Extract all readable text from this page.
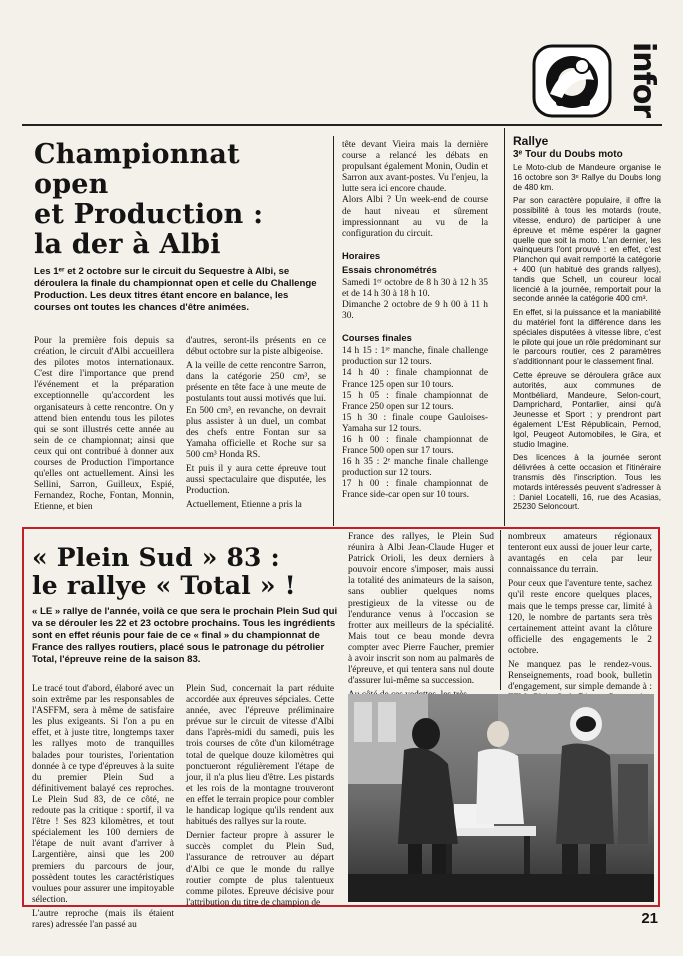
infor
Championnat
open
et Production :
la der à Albi

Les 1ᵉʳ et 2 octobre sur le circuit du Sequestre à Albi, se déroulera la finale du championnat open et celle du Challenge Production. Les deux titres étant encore en balance, les courses ont toutes les chances d'être animées.

Pour la première fois depuis sa création, le circuit d'Albi accueillera des pilotes motos internationaux. C'est dire l'importance que prend l'événement et la préparation exceptionnelle qu'accordent les organisateurs à cette rencontre. On y attend bien entendu tous les pilotes qui se sont illustrés cette année au sein de ce championnat; ainsi que ceux qui ont contribué à donner aux courses de Production l'importance qu'elles ont actuellement. Ainsi les Sellini, Sarron, Guilleux, Espié, Fernandez, Roche, Fontan, Monnin, Etienne, et bien

d'autres, seront-ils présents en ce début octobre sur la piste albigeoise.

A la veille de cette rencontre Sarron, dans la catégorie 250 cm³, se présente en tête face à une meute de postulants tout aussi motivés que lui. En 500 cm³, en revanche, on devrait plus assister à un duel, un combat des chefs entre Fontan sur sa Yamaha officielle et Roche sur sa 500 cm³ Honda RS.

Et puis il y aura cette épreuve tout aussi spectaculaire que disputée, les Production.

Actuellement, Etienne a pris la

tête devant Vieira mais la dernière course a relancé les débats en propulsant également Monin, Oudin et Sarron aux avant-postes. Vu l'enjeu, la lutte sera ici encore chaude.
Alors Albi ? Un week-end de course de haut niveau et sûrement impressionnant au vu de la configuration du circuit.

Horaires

Essais chronométrés

Samedi 1ᵉʳ octobre de 8 h 30 à 12 h 35 et de 14 h 30 à 18 h 10.
Dimanche 2 octobre de 9 h 00 à 11 h 30.

Courses finales

14 h 15 : 1ʳᵉ manche, finale challenge production sur 12 tours.

14 h 40 : finale championnat de France 125 open sur 10 tours.

15 h 05 : finale championnat de France 250 open sur 12 tours.

15 h 30 : finale coupe Gauloises-Yamaha sur 12 tours.

16 h 00 : finale championnat de France 500 open sur 17 tours.

16 h 35 : 2ᵉ manche finale challenge production sur 12 tours.

17 h 00 : finale championnat de France side-car open sur 10 tours.

Rallye
3ᵉ Tour du Doubs moto

Le Moto-club de Mandeure organise le 16 octobre son 3ᵉ Rallye du Doubs long de 480 km.

Par son caractère populaire, il offre la possibilité à tous les motards (route, vitesse, enduro) de participer à une épreuve et même espérer la gagner quelle que soit la moto. L'an dernier, les vainqueurs l'ont prouvé : en effet, c'est Planchon qui avait remporté la catégorie + 400 (un habitué des grands rallyes), tandis que Schell, un coureur local licencié à la journée, remportait pour la seconde année la catégorie 400 cm³.

En effet, si la puissance et la maniabilité du matériel font la différence dans les spéciales disputées à vitesse libre, c'est le pilote qui joue un rôle prédominant sur le parcours routier, ces 2 paramètres s'additionnant pour le classement final.

Cette épreuve se déroulera grâce aux autorités, aux communes de Montbéliard, Mandeure, Selon-court, Damprichard, Pontarlier, ainsi qu'à Jeunesse et Sport ; y prendront part également L'Est Républicain, Pernod, Igol, Peugeot Automobiles, le Gira, et studio Imagine.

Des licences à la journée seront délivrées à cette occasion et l'itinéraire transmis dès l'inscription. Tous les motards intéressés peuvent s'adresser à : Daniel Locatelli, 16, rue des Acasias, 25230 Seloncourt.

« Plein Sud » 83 :
le rallye « Total » !

« LE » rallye de l'année, voilà ce que sera le prochain Plein Sud qui va se dérouler les 22 et 23 octobre prochains. Tous les ingrédients sont en effet réunis pour faie de ce « final » du championnat de France des rallyes routiers, placé sous le patronage du pétrolier Total, l'épreuve reine de la saison 83.

Le tracé tout d'abord, élaboré avec un soin extrême par les responsables de l'ASFFM, sera à même de satisfaire les plus exigeants. Si l'on a pu en effet, et à juste titre, longtemps taxer les rallyes moto de tranquilles balades pour touristes, l'orientation donnée à ce type d'épreuves à la suite du premier Plein Sud a définitivement balayé ces reproches. Le Plein Sud 83, de ce côté, ne redoute pas la critique : sportif, il va l'être ! Ses 823 kilomètres, et tout spécialement les 100 derniers de l'étape de nuit avant d'arriver à Largentière, ainsi que les 200 premiers du parcours de jour, possèdent toutes les caractéristiques voulues pour assurer une impitoyable sélection.

L'autre reproche (mais ils étaient rares) adressée l'an passé au

Plein Sud, concernait la part réduite accordée aux épreuves sépciales. Cette année, avec l'épreuve préliminaire prévue sur le circuit de vitesse d'Albi dans l'après-midi du samedi, puis les trois courses de côte d'un kilométrage total de quelque douze kilomètres qui ponctueront régulièrement l'étape de jour, il n'a plus lieu d'être. Les pistards et les rois de la montagne trouveront en effet le terrain propice pour combler le handicap logique qu'ils rendent aux habitués des rallyes sur la route.

Dernier facteur propre à assurer le succès complet du Plein Sud, l'assurance de retrouver au départ d'Albi ce que le monde du rallye routier compte de plus talentueux comme pilotes. Epreuve décisive pour l'attribution du titre de champion de

France des rallyes, le Plein Sud réunira à Albi Jean-Claude Huger et Patrick Orioli, les deux derniers à pouvoir encore s'imposer, mais aussi la totalité des animateurs de la saison, sans oublier quelques noms prestigieux de la vitesse ou de l'endurance venus à l'occasion se frotter aux meilleurs de la spécialité. Mais tout ce beau monde devra compter avec Pierre Faucher, premier à avoir inscrit son nom au palmarès de l'épreuve, et qui tentera sans nul doute d'assurer lui-même sa succession.

nombreux amateurs régionaux tenteront eux aussi de jouer leur carte, avantagés en cela par leur connaissance du terrain.

Pour ceux que l'aventure tente, sachez qu'il reste encore quelques places, mais que le temps presse car, limité à 120, le nombre de partants sera très certainement atteint avant la clôture officielle des engagements le 2 octobre.

Ne manquez pas le rendez-vous. Renseignements, road book, bulletin d'engagement, sur simple demande à :

21
